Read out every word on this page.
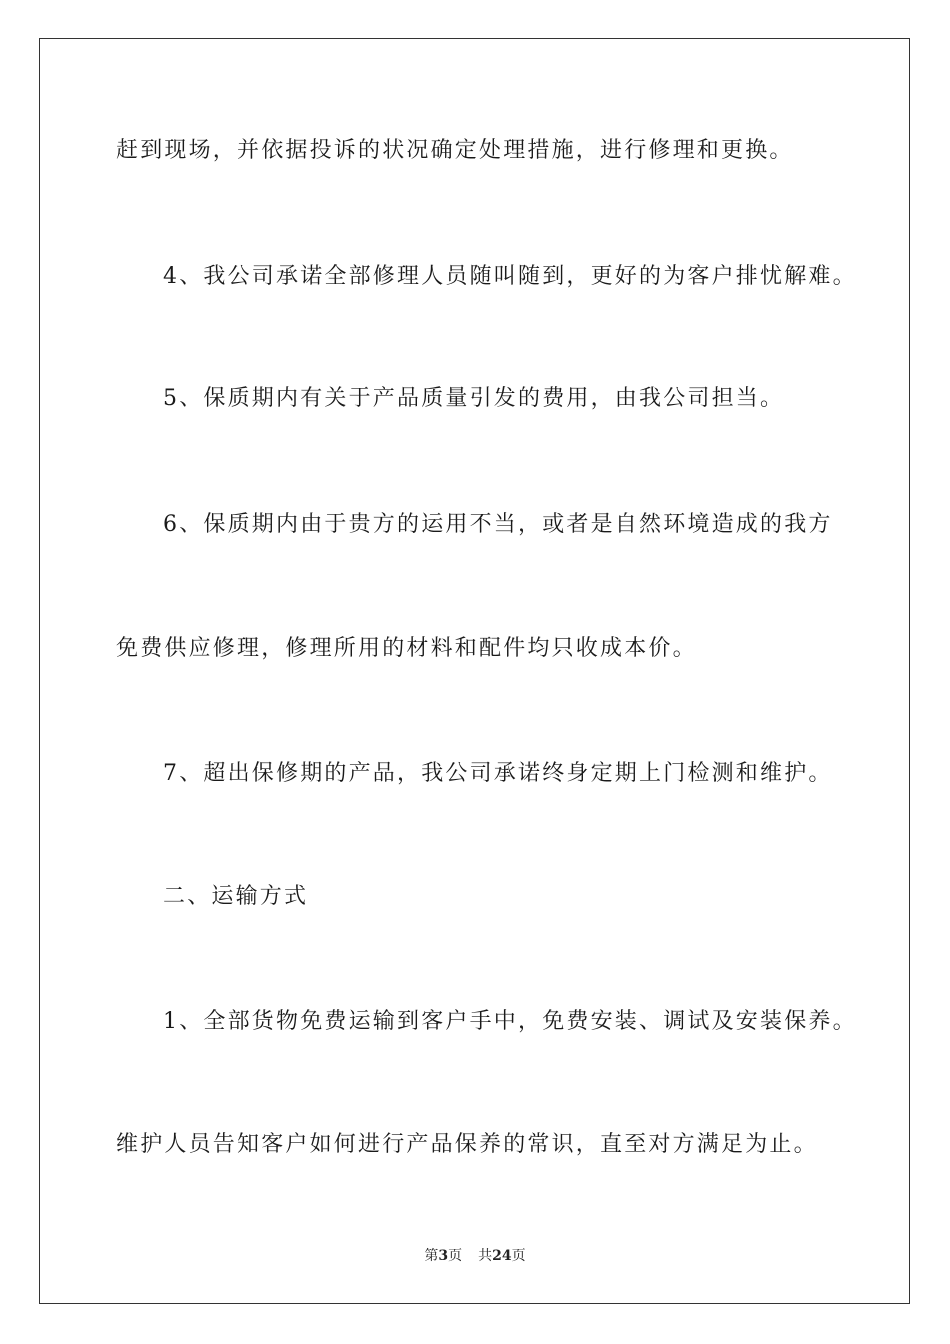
赶到现场，并依据投诉的状况确定处理措施，进行修理和更换。

4、我公司承诺全部修理人员随叫随到，更好的为客户排忧解难。

5、保质期内有关于产品质量引发的费用，由我公司担当。

6、保质期内由于贵方的运用不当，或者是自然环境造成的我方

免费供应修理，修理所用的材料和配件均只收成本价。

7、超出保修期的产品，我公司承诺终身定期上门检测和维护。

二、运输方式

1、全部货物免费运输到客户手中，免费安装、调试及安装保养。

维护人员告知客户如何进行产品保养的常识，直至对方满足为止。

第3页 共24页
